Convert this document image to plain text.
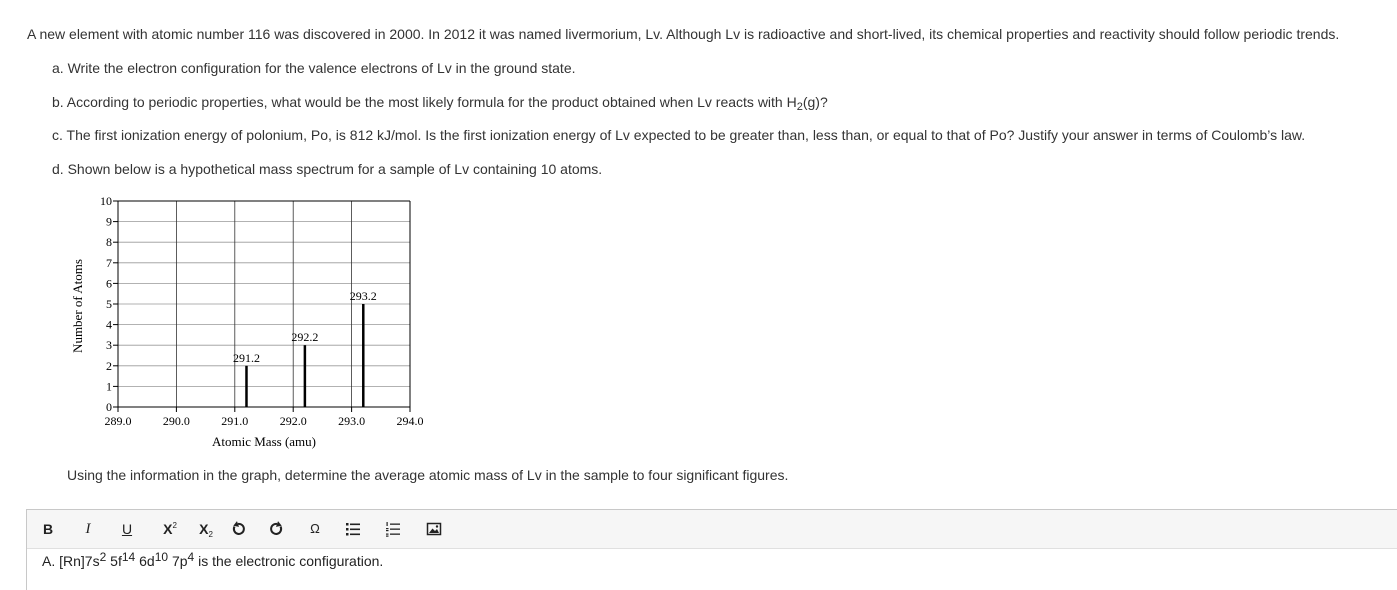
A new element with atomic number 116 was discovered in 2000. In 2012 it was named livermorium, Lv. Although Lv is radioactive and short-lived, its chemical properties and reactivity should follow periodic trends.
a. Write the electron configuration for the valence electrons of Lv in the ground state.
b. According to periodic properties, what would be the most likely formula for the product obtained when Lv reacts with $H_2(g)$?
c. The first ionization energy of polonium, Po, is 812 kJ/mol. Is the first ionization energy of Lv expected to be greater than, less than, or equal to that of Po? Justify your answer in terms of Coulomb’s law.
d. Shown below is a hypothetical mass spectrum for a sample of Lv containing 10 atoms.
0
1
2
3
4
5
6
7
8
9
10
289.0	290.0	291.0	292.0	293.0	294.0
291.2
292.2
293.2
Atomic Mass (amu)
Number of Atoms
Using the information in the graph, determine the average atomic mass of Lv in the sample to four significant figures.
B	I	U $X^2$ $X_2$	Ω
A. $[Rn]7s^2$ $5f^{14}$ $6d^{10}$ $7p^4$ is the electronic configuration.
